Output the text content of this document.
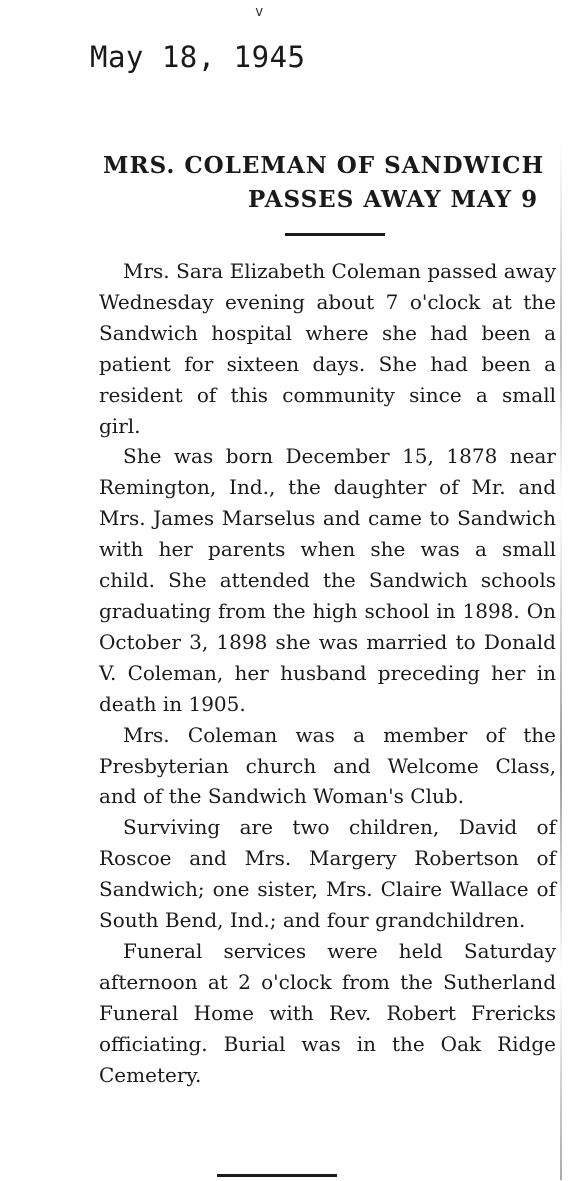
v
May 18, 1945
MRS. COLEMAN OF SANDWICH
PASSES AWAY MAY 9

Mrs. Sara Elizabeth Coleman passed away Wednesday evening about 7 o'clock at the Sandwich hospital where she had been a patient for sixteen days. She had been a resident of this community since a small girl.

She was born December 15, 1878 near Remington, Ind., the daughter of Mr. and Mrs. James Marselus and came to Sandwich with her parents when she was a small child. She attended the Sandwich schools graduating from the high school in 1898. On October 3, 1898 she was married to Donald V. Coleman, her husband preceding her in death in 1905.

Mrs. Coleman was a member of the Presbyterian church and Welcome Class, and of the Sandwich Woman's Club.

Surviving are two children, David of Roscoe and Mrs. Margery Robertson of Sandwich; one sister, Mrs. Claire Wallace of South Bend, Ind.; and four grandchildren.

Funeral services were held Saturday afternoon at 2 o'clock from the Sutherland Funeral Home with Rev. Robert Frericks officiating. Burial was in the Oak Ridge Cemetery.
